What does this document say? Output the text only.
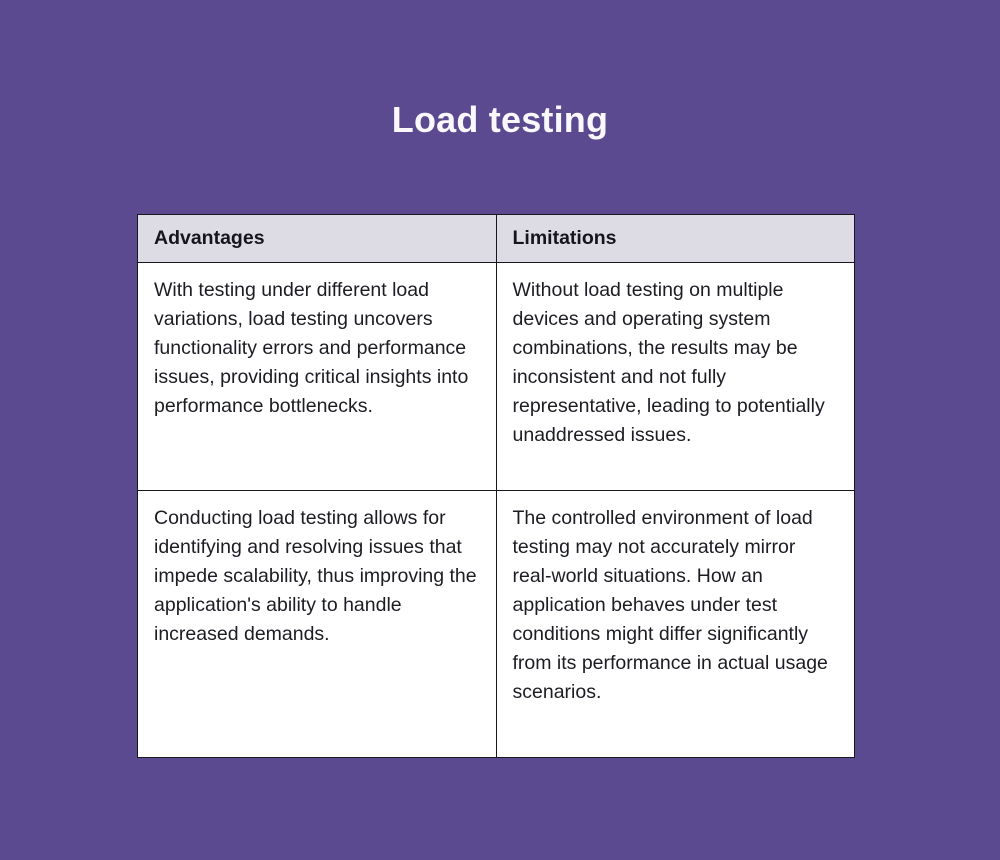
Load testing
Advantages	Limitations
With testing under different load variations, load testing uncovers functionality errors and performance issues, providing critical insights into performance bottlenecks.	Without load testing on multiple devices and operating system combinations, the results may be inconsistent and not fully representative, leading to potentially unaddressed issues.
Conducting load testing allows for identifying and resolving issues that impede scalability, thus improving the application's ability to handle increased demands.	The controlled environment of load testing may not accurately mirror real-world situations. How an application behaves under test conditions might differ significantly from its performance in actual usage scenarios.
